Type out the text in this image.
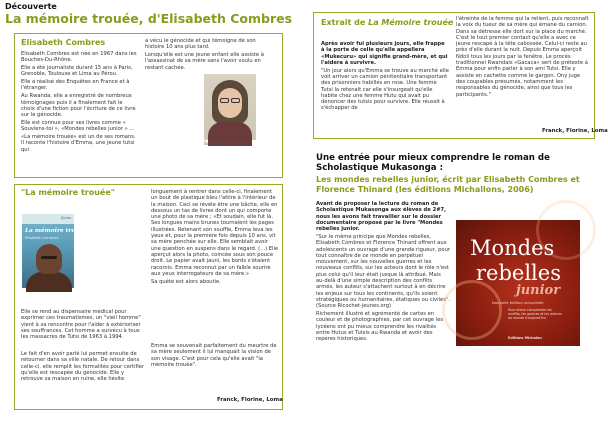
Découverte
La mémoire trouée, d'Elisabeth Combres
Elisabeth Combres

Elisabeth Combres est née en 1967 dans les Bouches-Du-Rhône.

Elle a été journaliste durant 15 ans à Paris, Grenoble, Toulouse et Lima au Pérou.

Elle a réalisé des Enquêtes en France et à l'étranger.

Au Rwanda, elle a enregistré de nombreux témoignages puis il a finalement fait le choix d'une fiction pour l'écriture de ce livre sur le génocide.

Elle est connue pour ses livres comme « Souviens-toi », «Mondes rebelles junior » ...

«La mémoire trouée» est un de ses romans. Il raconte l'histoire d'Emma, une jeune tutsi qui

a vécu le génocide et qui témoigne de son histoire 10 ans plus tard.

Lorsqu'elle est une jeune enfant elle assiste à l'assassinat de sa mère sans l'avoir voulu en restant cachée.

Source site de l'école
"La mémoire trouée"

Elle se rend au dispensaire médical pour exprimer ces traumatismes, un "vieil homme" vient à sa rencontre pour l'aider à extérioriser ses souffrances. Cet homme a survécu à tous les massacres de Tutsi de 1963 à 1994.

Le fait d'en avoir parlé lui permet ensuite de retourner dans sa ville natale. De retour dans celle-ci, elle remplit les formalités pour certifier qu'elle est rescapée du génocide. Elle y retrouve sa maison en ruine, elle hésite

longuement à rentrer dans celle-ci, finalement un bout de plastique bleu l'attire à l'intérieur de la maison. Ceci se révèle être une bâche, elle en dessous un tas de livres dont un qui comporte une photo de sa mère ; «Et soudain, elle fut là. Ses longues mains brunes tournaient les pages illustrées. Retenant son souffle, Emma leva les yeux et, pour la première fois depuis 10 ans, vit sa mère penchée sur elle. Elle semblait avoir une question en suspens dans le regard. (...) Elle aperçut alors la photo, coincée sous son pouce droit. Le papier avait jauni, les bords s'étaient racornis. Emma reconnut par un faible sourire aux yeux interrogateurs de sa mère.»

Sa quête est alors aboutie.

Emma se souvenait parfaitement du meurtre de sa mère seulement il lui manquait la vision de son visage. C'est pour cela qu'elle avait "la mémoire trouée".

Franck, Florine, Loma
Syros
La mémoire trouée
Elisabeth Combres
Extrait de La Mémoire trouée

Après avoir fui plusieurs jours, elle frappe à la porte de celle qu'elle appellera «Mukecuru» qui signifie grand-mère, et qui l'aidera à survivre.

"Un jour alors qu'Emma se trouve au marché elle voit arriver un camion pénitentiaire transportant des prisonniers habillés en rose. Une femme Tutsi la retenait car elle s'insurgeait qu'elle habite chez une femme Hutu qui avait pu dénoncer des tutsis pour survivre. Elle réussit à s'échapper de

l'étreinte de la femme qui la retient, puis reconnaît la voix du tueur de sa mère qui émane du camion. Dans sa détresse elle dort sur la place du marché. C'est le tout premier contact qu'elle a avec ce jeune rescapé à la tête cabossée. Celui-ci reste au près d'elle durant la nuit. Depuis Emma aperçoit Ndoli tous les jours par la fenêtre. Le procès traditionnel Rwandais «Gacaca» sert de prétexte à Emma pour enfin parler à son ami Tutsi. Elle y assiste en cachette comme le gargon. Ony juge des coupables présumés, notamment les responsables du génocide, ainsi que tous les participants."

Franck, Florine, Loma
Une entrée pour mieux comprendre le roman de Scholastique Mukasonga :
Les mondes rebelles junior, écrit par Elisabeth Combres et Florence Thinard (les éditions Michallons, 2006)

Avant de proposer la lecture du roman de Scholastique Mukasonga aux élèves de 2#7, nous les avons fait travailler sur le dossier documentaire proposé par le livre "Mondes rebelles junior.

"Sur le même principe que Mondes rebelles, Elisabeth Combres et Florence Thinard offrent aux adolescents un ouvrage d'une grande rigueur, pour tout connaître de ce monde en perpétuel mouvement, sur les nouvelles guerres et les nouveaux conflits, sur les acteurs dont le rôle n'est plus celui qu'il leur était jusque là attribué. Mais au-delà d'une simple description des conflits armés, les auteur s'attachent surtout à en décrire les enjeux sur tous les continents, qu'ils soient stratégiques ou humanitaires, étatiques ou civiles". (Source Ricochet-jeunes.org)

Richement illustré et agrémenté de cartes en couleur et de photographies, par cet ouvrage les lycéens ont pu mieux comprendre les rivalités entre Hutus et Tutsis au Rwanda et avoir des repères historiques.

Mondes
rebelles
junior
Nouvelle édition actualisée
Pour mieux comprendre les conflits, les guerres et les acteurs du monde d'aujourd'hui
Éditions Michalon
